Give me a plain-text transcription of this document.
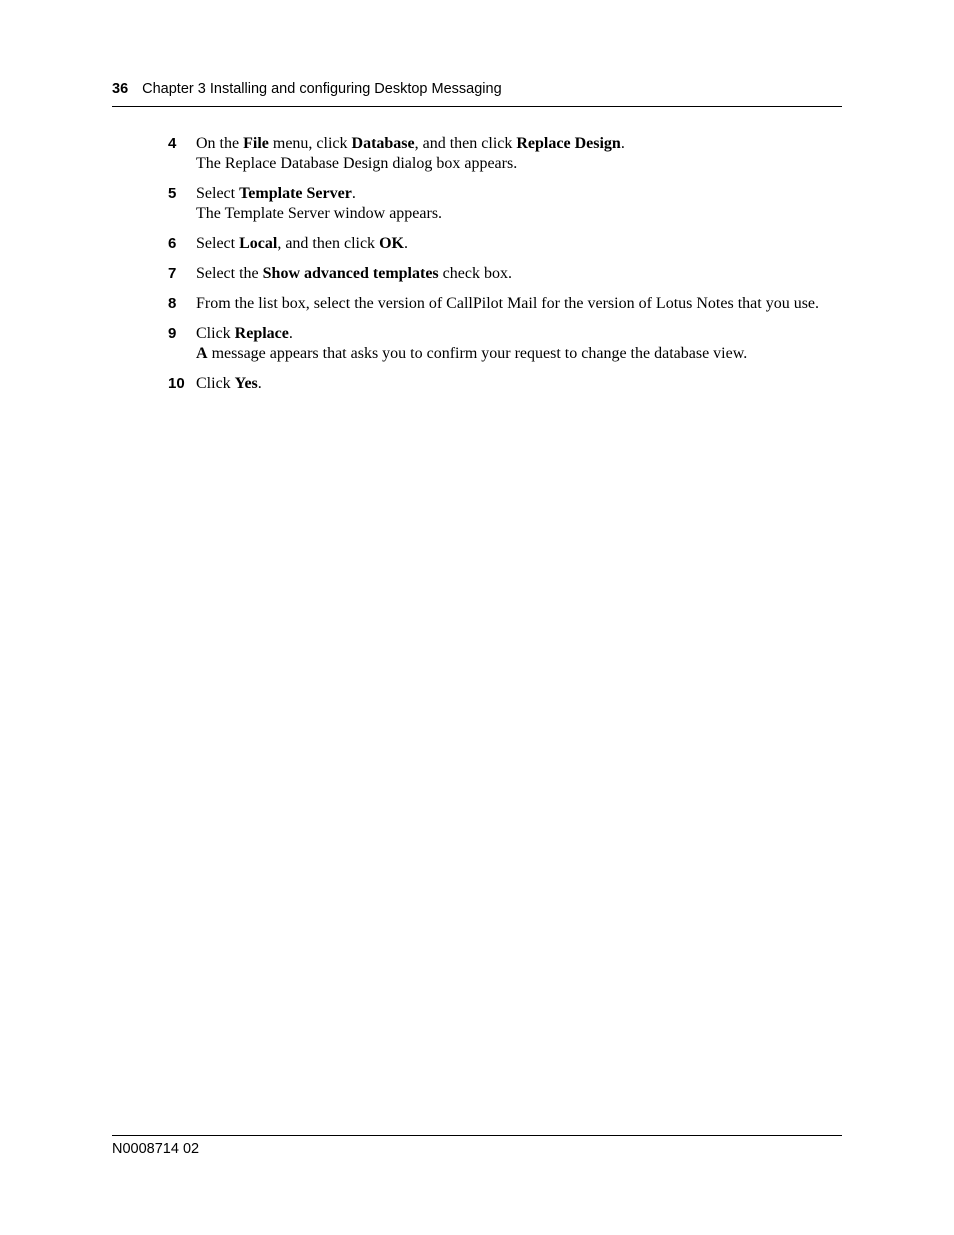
36 Chapter 3 Installing and configuring Desktop Messaging
4 On the File menu, click Database, and then click Replace Design.
The Replace Database Design dialog box appears.
5 Select Template Server.
The Template Server window appears.
6 Select Local, and then click OK.
7 Select the Show advanced templates check box.
8 From the list box, select the version of CallPilot Mail for the version of Lotus Notes that you use.
9 Click Replace.
A message appears that asks you to confirm your request to change the database view.
10 Click Yes.
N0008714 02
